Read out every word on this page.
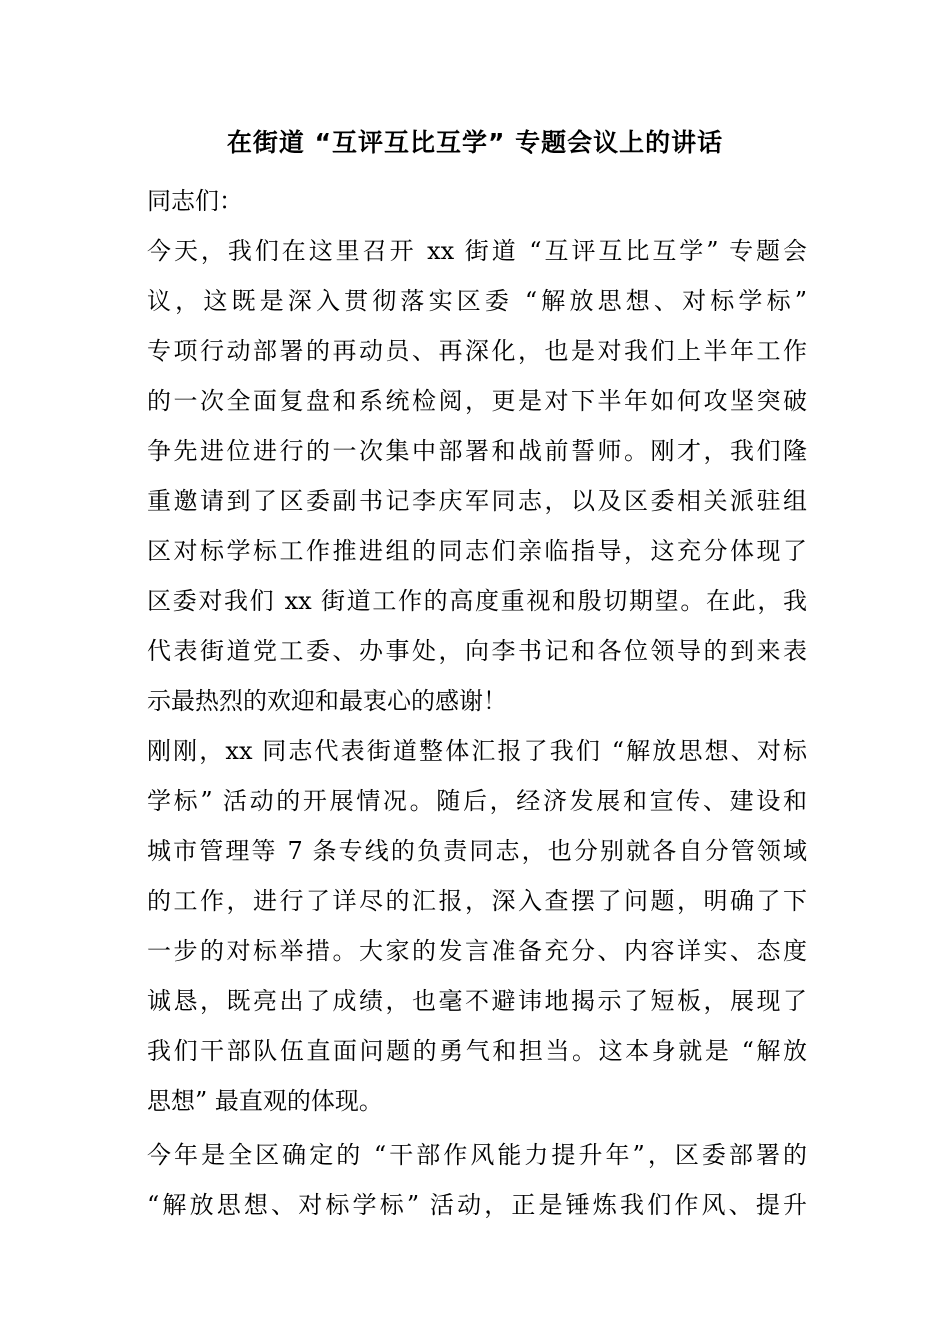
在街道 “互评互比互学” 专题会议上的讲话
同志们：
今天，我们在这里召开 xx 街道 “互评互比互学” 专题会
议，这既是深入贯彻落实区委 “解放思想、对标学标”
专项行动部署的再动员、再深化，也是对我们上半年工作
的一次全面复盘和系统检阅，更是对下半年如何攻坚突破
争先进位进行的一次集中部署和战前誓师。刚才，我们隆
重邀请到了区委副书记李庆军同志，以及区委相关派驻组
区对标学标工作推进组的同志们亲临指导，这充分体现了
区委对我们 xx 街道工作的高度重视和殷切期望。在此，我
代表街道党工委、办事处，向李书记和各位领导的到来表
示最热烈的欢迎和最衷心的感谢！
刚刚，xx 同志代表街道整体汇报了我们 “解放思想、对标
学标” 活动的开展情况。随后，经济发展和宣传、建设和
城市管理等 7 条专线的负责同志，也分别就各自分管领域
的工作，进行了详尽的汇报，深入查摆了问题，明确了下
一步的对标举措。大家的发言准备充分、内容详实、态度
诚恳，既亮出了成绩，也毫不避讳地揭示了短板，展现了
我们干部队伍直面问题的勇气和担当。这本身就是 “解放
思想” 最直观的体现。
今年是全区确定的 “干部作风能力提升年”，区委部署的
“解放思想、对标学标” 活动，正是锤炼我们作风、提升
